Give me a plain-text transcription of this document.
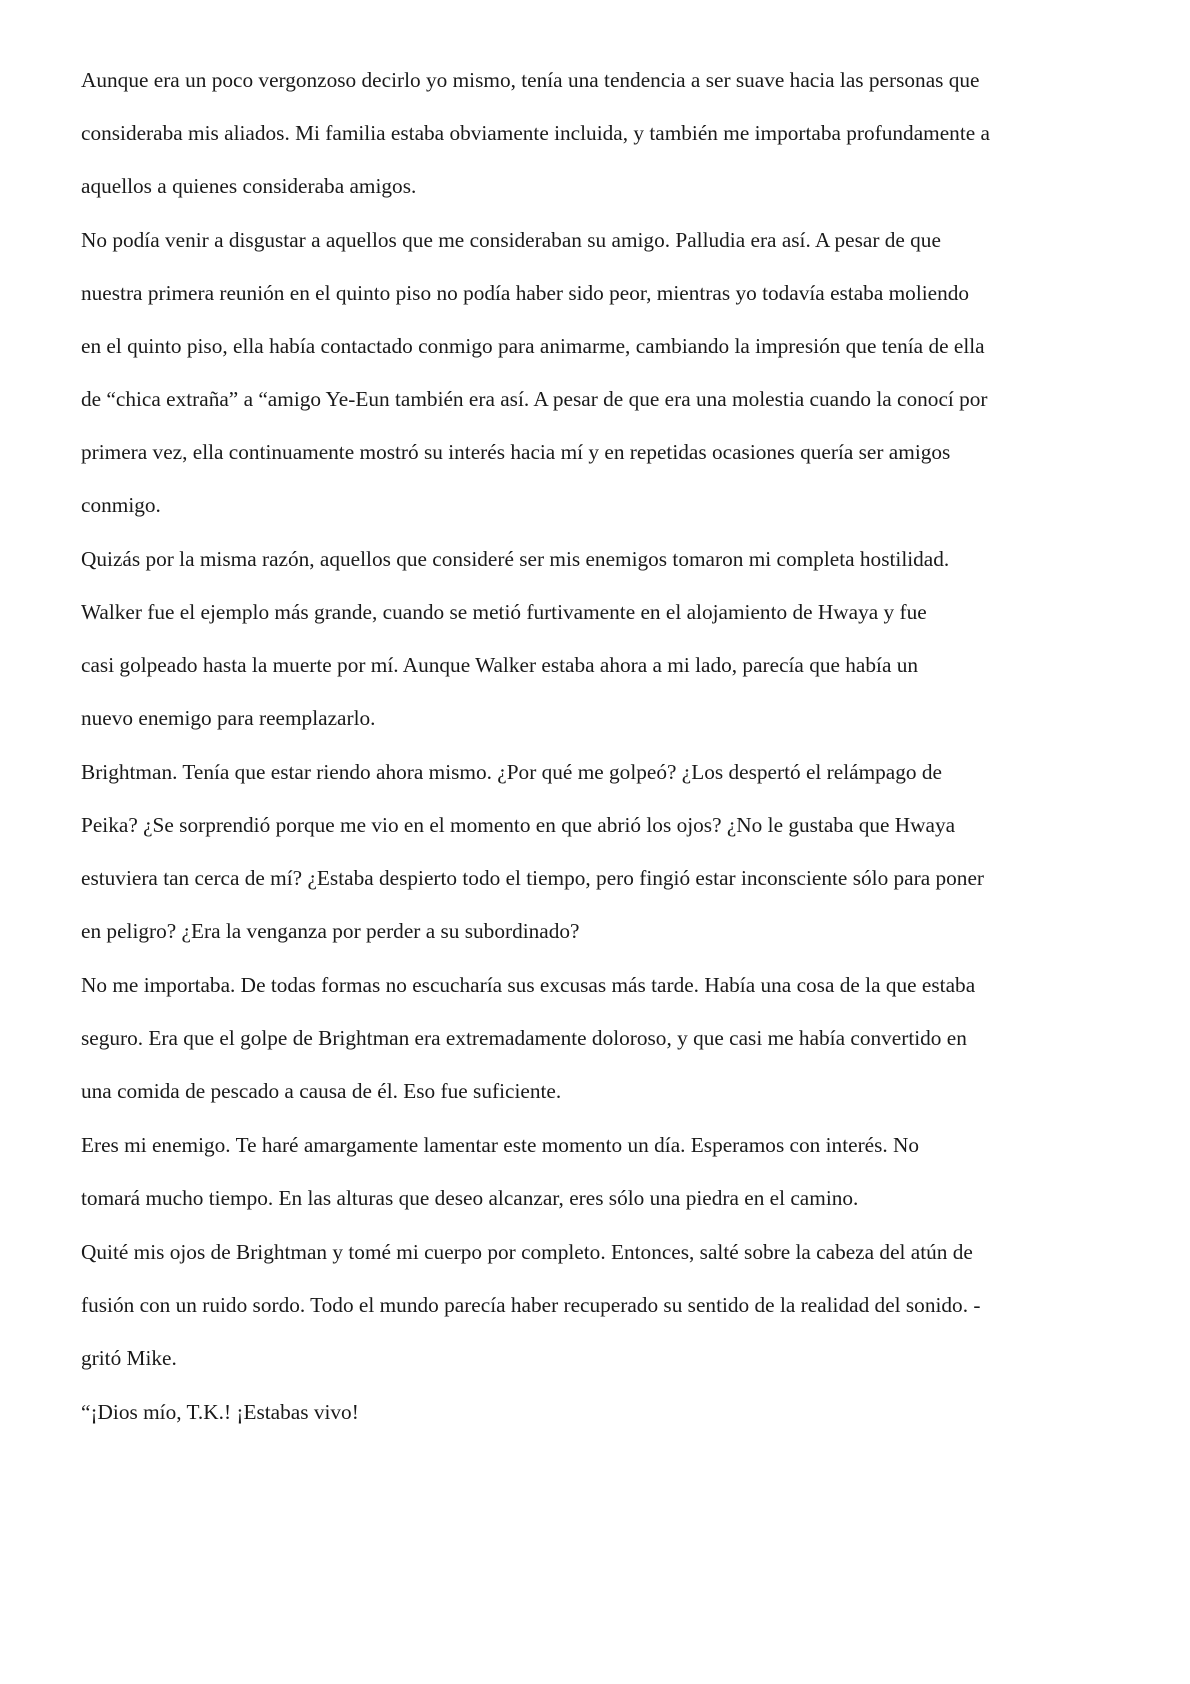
Aunque era un poco vergonzoso decirlo yo mismo, tenía una tendencia a ser suave hacia las personas que
consideraba mis aliados. Mi familia estaba obviamente incluida, y también me importaba profundamente a
aquellos a quienes consideraba amigos.
No podía venir a disgustar a aquellos que me consideraban su amigo. Palludia era así. A pesar de que
nuestra primera reunión en el quinto piso no podía haber sido peor, mientras yo todavía estaba moliendo
en el quinto piso, ella había contactado conmigo para animarme, cambiando la impresión que tenía de ella
de “chica extraña” a “amigo Ye-Eun también era así. A pesar de que era una molestia cuando la conocí por
primera vez, ella continuamente mostró su interés hacia mí y en repetidas ocasiones quería ser amigos
conmigo.
Quizás por la misma razón, aquellos que consideré ser mis enemigos tomaron mi completa hostilidad.
Walker fue el ejemplo más grande, cuando se metió furtivamente en el alojamiento de Hwaya y fue
casi golpeado hasta la muerte por mí. Aunque Walker estaba ahora a mi lado, parecía que había un
nuevo enemigo para reemplazarlo.
Brightman. Tenía que estar riendo ahora mismo. ¿Por qué me golpeó? ¿Los despertó el relámpago de
Peika? ¿Se sorprendió porque me vio en el momento en que abrió los ojos? ¿No le gustaba que Hwaya
estuviera tan cerca de mí? ¿Estaba despierto todo el tiempo, pero fingió estar inconsciente sólo para poner
en peligro? ¿Era la venganza por perder a su subordinado?
No me importaba. De todas formas no escucharía sus excusas más tarde. Había una cosa de la que estaba
seguro. Era que el golpe de Brightman era extremadamente doloroso, y que casi me había convertido en
una comida de pescado a causa de él. Eso fue suficiente.
Eres mi enemigo. Te haré amargamente lamentar este momento un día. Esperamos con interés. No
tomará mucho tiempo. En las alturas que deseo alcanzar, eres sólo una piedra en el camino.
Quité mis ojos de Brightman y tomé mi cuerpo por completo. Entonces, salté sobre la cabeza del atún de
fusión con un ruido sordo. Todo el mundo parecía haber recuperado su sentido de la realidad del sonido. -
gritó Mike.
“¡Dios mío, T.K.! ¡Estabas vivo!
